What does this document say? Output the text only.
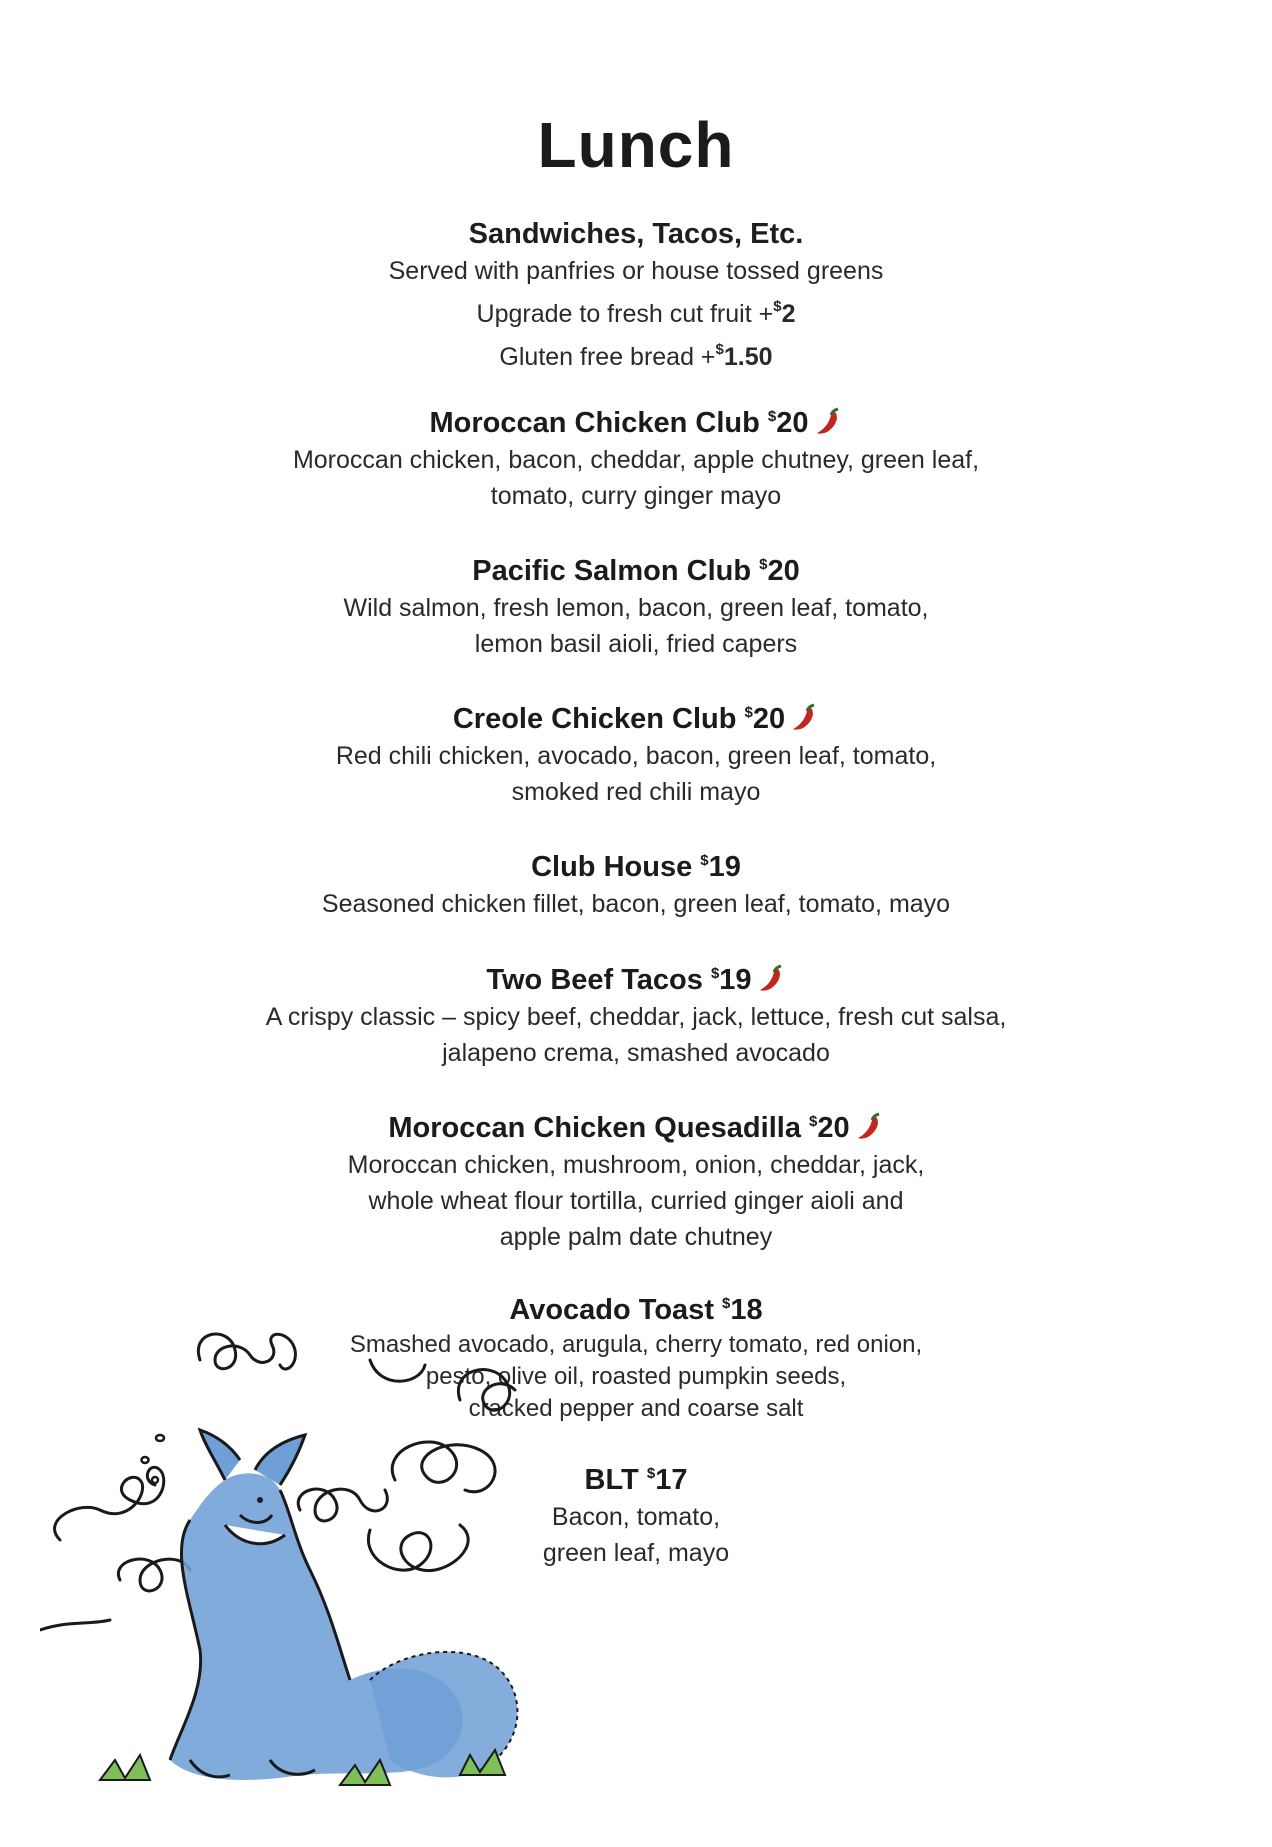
Lunch
Sandwiches, Tacos, Etc.
Served with panfries or house tossed greens
Upgrade to fresh cut fruit +$2
Gluten free bread +$1.50
Moroccan Chicken Club $20
Moroccan chicken, bacon, cheddar, apple chutney, green leaf,
tomato, curry ginger mayo
Pacific Salmon Club $20
Wild salmon, fresh lemon, bacon, green leaf, tomato,
lemon basil aioli, fried capers
Creole Chicken Club $20
Red chili chicken, avocado, bacon, green leaf, tomato,
smoked red chili mayo
Club House $19
Seasoned chicken fillet, bacon, green leaf, tomato, mayo
Two Beef Tacos $19
A crispy classic – spicy beef, cheddar, jack, lettuce, fresh cut salsa,
jalapeno crema, smashed avocado
Moroccan Chicken Quesadilla $20
Moroccan chicken, mushroom, onion, cheddar, jack,
whole wheat flour tortilla, curried ginger aioli and
apple palm date chutney
Avocado Toast $18
Smashed avocado, arugula, cherry tomato, red onion,
pesto, olive oil, roasted pumpkin seeds,
cracked pepper and coarse salt
BLT $17
Bacon, tomato,
green leaf, mayo
